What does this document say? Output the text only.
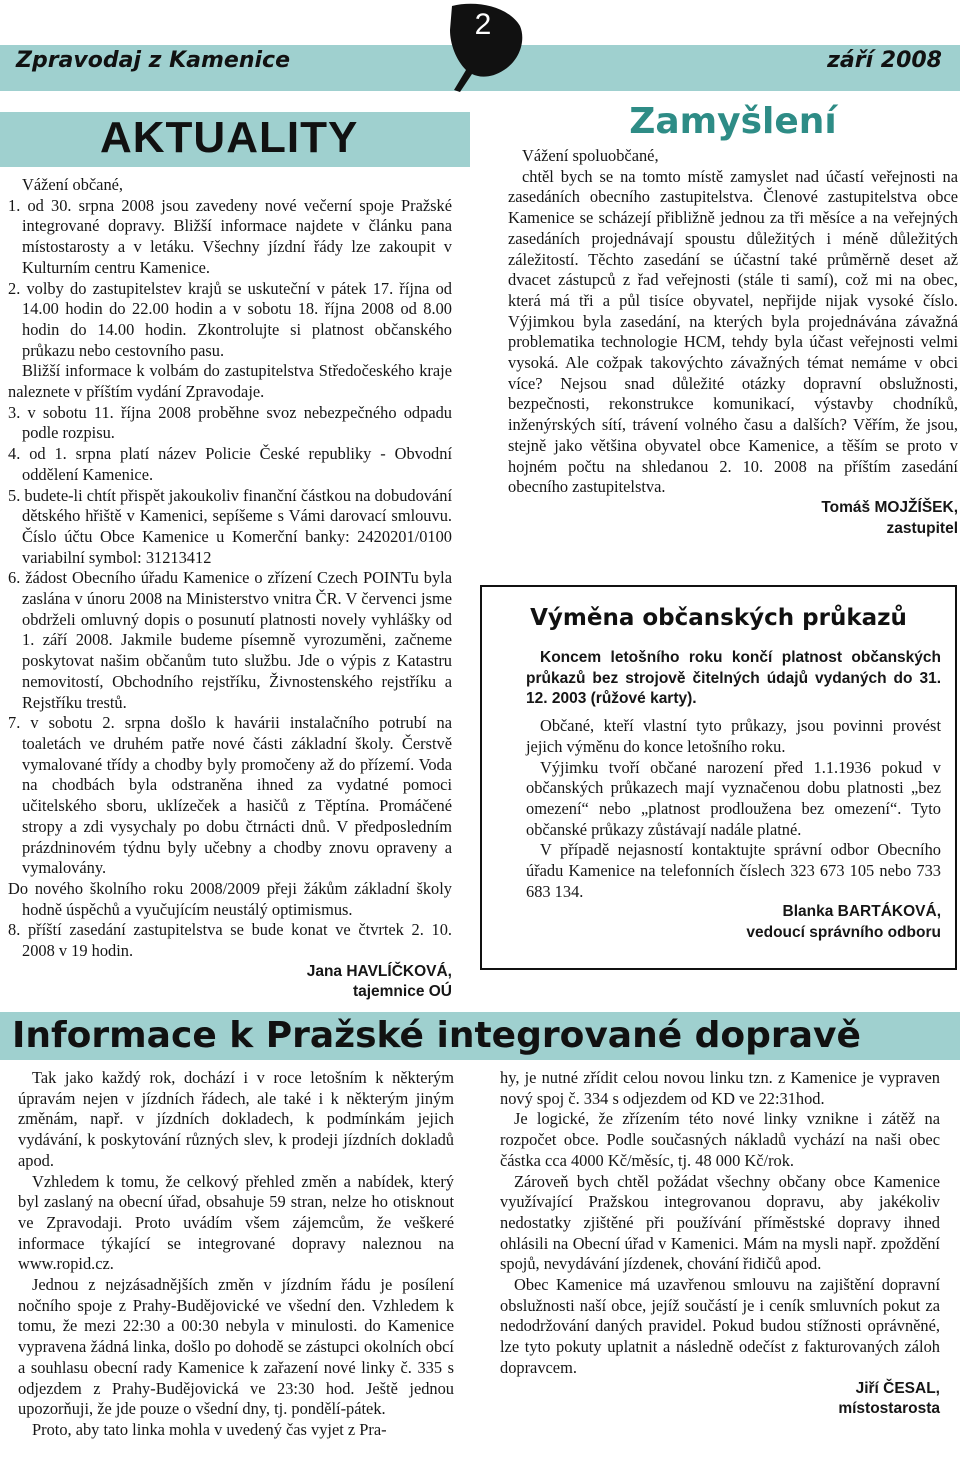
Zpravodaj z Kamenice	září 2008
2
AKTUALITY

Vážení občané,

1. od 30. srpna 2008 jsou zavedeny nové večerní spoje Pražské integrované dopravy. Bližší informace najdete v článku pana místostarosty a v letáku. Všechny jízdní řády lze zakoupit v Kulturním centru Kamenice.

2. volby do zastupitelstev krajů se uskuteční v pátek 17. října od 14.00 hodin do 22.00 hodin a v sobotu 18. října 2008 od 8.00 hodin do 14.00 hodin. Zkontrolujte si platnost občanského průkazu nebo cestovního pasu.

Bližší informace k volbám do zastupitelstva Středočeského kraje naleznete v příštím vydání Zpravodaje.

3. v sobotu 11. října 2008 proběhne svoz nebezpečného odpadu podle rozpisu.

4. od 1. srpna platí název Policie České republiky - Obvodní oddělení Kamenice.

5. budete-li chtít přispět jakoukoliv finanční částkou na dobudování dětského hřiště v Kamenici, sepíšeme s Vámi darovací smlouvu. Číslo účtu Obce Kamenice u Komerční banky: 2420201/0100 variabilní symbol: 31213412

6. žádost Obecního úřadu Kamenice o zřízení Czech POINTu byla zaslána v únoru 2008 na Ministerstvo vnitra ČR. V červenci jsme obdrželi omluvný dopis o posunutí platnosti novely vyhlášky od 1. září 2008. Jakmile budeme písemně vyrozuměni, začneme poskytovat našim občanům tuto službu. Jde o výpis z Katastru nemovitostí, Obchodního rejstříku, Živnostenského rejstříku a Rejstříku trestů.

7. v sobotu 2. srpna došlo k havárii instalačního potrubí na toaletách ve druhém patře nové části základní školy. Čerstvě vymalované třídy a chodby byly promočeny až do přízemí. Voda na chodbách byla odstraněna ihned za vydatné pomoci učitelského sboru, uklízeček a hasičů z Těptína. Promáčené stropy a zdi vysychaly po dobu čtrnácti dnů. V předposledním prázdninovém týdnu byly učebny a chodby znovu opraveny a vymalovány.

Do nového školního roku 2008/2009 přeji žákům základní školy hodně úspěchů a vyučujícím neustálý optimismus.

8. příští zasedání zastupitelstva se bude konat ve čtvrtek 2. 10. 2008 v 19 hodin.

Jana HAVLÍČKOVÁ,

tajemnice OÚ

Zamyšlení

Vážení spoluobčané,

chtěl bych se na tomto místě zamyslet nad účastí veřejnosti na zasedáních obecního zastupitelstva. Členové zastupitelstva obce Kamenice se scházejí přibližně jednou za tři měsíce a na veřejných zasedáních projednávají spoustu důležitých i méně důležitých záležitostí. Těchto zasedání se účastní také průměrně deset až dvacet zástupců z řad veřejnosti (stále ti samí), což mi na obec, která má tři a půl tisíce obyvatel, nepřijde nijak vysoké číslo. Výjimkou byla zasedání, na kterých byla projednávána závažná problematika technologie HCM, tehdy byla účast veřejnosti velmi vysoká. Ale cožpak takovýchto závažných témat nemáme v obci více? Nejsou snad důležité otázky dopravní obslužnosti, bezpečnosti, rekonstrukce komunikací, výstavby chodníků, inženýrských sítí, trávení volného času a dalších? Věřím, že jsou, stejně jako většina obyvatel obce Kamenice, a těším se proto v hojném počtu na shledanou 2. 10. 2008 na příštím zasedání obecního zastupitelstva.

Tomáš MOJŽÍŠEK,

zastupitel

Výměna občanských průkazů

Koncem letošního roku končí platnost občanských průkazů bez strojově čitelných údajů vydaných do 31. 12. 2003 (růžové karty).

Občané, kteří vlastní tyto průkazy, jsou povinni provést jejich výměnu do konce letošního roku.

Výjimku tvoří občané narození před 1.1.1936 pokud v občanských průkazech mají vyznačenou dobu platnosti „bez omezení“ nebo „platnost prodloužena bez omezení“. Tyto občanské průkazy zůstávají nadále platné.

V případě nejasností kontaktujte správní odbor Obecního úřadu Kamenice na telefonních číslech 323 673 105 nebo 733 683 134.

Blanka BARTÁKOVÁ,

vedoucí správního odboru

Informace k Pražské integrované dopravě

Tak jako každý rok, dochází i v roce letošním k některým úpravám nejen v jízdních řádech, ale také i k některým jiným změnám, např. v jízdních dokladech, k podmínkám jejich vydávání, k poskytování různých slev, k prodeji jízdních dokladů apod.

Vzhledem k tomu, že celkový přehled změn a nabídek, který byl zaslaný na obecní úřad, obsahuje 59 stran, nelze ho otisknout ve Zpravodaji. Proto uvádím všem zájemcům, že veškeré informace týkající se integrované dopravy naleznou na www.ropid.cz.

Jednou z nejzásadnějších změn v jízdním řádu je posílení nočního spoje z Prahy-Budějovické ve všední den. Vzhledem k tomu, že mezi 22:30 a 00:30 nebyla v minulosti. do Kamenice vypravena žádná linka, došlo po dohodě se zástupci okolních obcí a souhlasu obecní rady Kamenice k zařazení nové linky č. 335 s odjezdem z Prahy-Budějovická ve 23:30 hod. Ještě jednou upozorňuji, že jde pouze o všední dny, tj. pondělí-pátek.

Proto, aby tato linka mohla v uvedený čas vyjet z Pra-

hy, je nutné zřídit celou novou linku tzn. z Kamenice je vypraven nový spoj č. 334 s odjezdem od KD ve 22:31hod.

Je logické, že zřízením této nové linky vznikne i zátěž na rozpočet obce. Podle současných nákladů vychází na naši obec částka cca 4000 Kč/měsíc, tj. 48 000 Kč/rok.

Zároveň bych chtěl požádat všechny občany obce Kamenice využívající Pražskou integrovanou dopravu, aby jakékoliv nedostatky zjištěné při používání příměstské dopravy ihned ohlásili na Obecní úřad v Kamenici. Mám na mysli např. zpoždění spojů, nevydávání jízdenek, chování řidičů apod.

Obec Kamenice má uzavřenou smlouvu na zajištění dopravní obslužnosti naší obce, jejíž součástí je i ceník smluvních pokut za nedodržování daných pravidel. Pokud budou stížnosti oprávněné, lze tyto pokuty uplatnit a následně odečíst z fakturovaných záloh dopravcem.

Jiří ČESAL,

místostarosta
